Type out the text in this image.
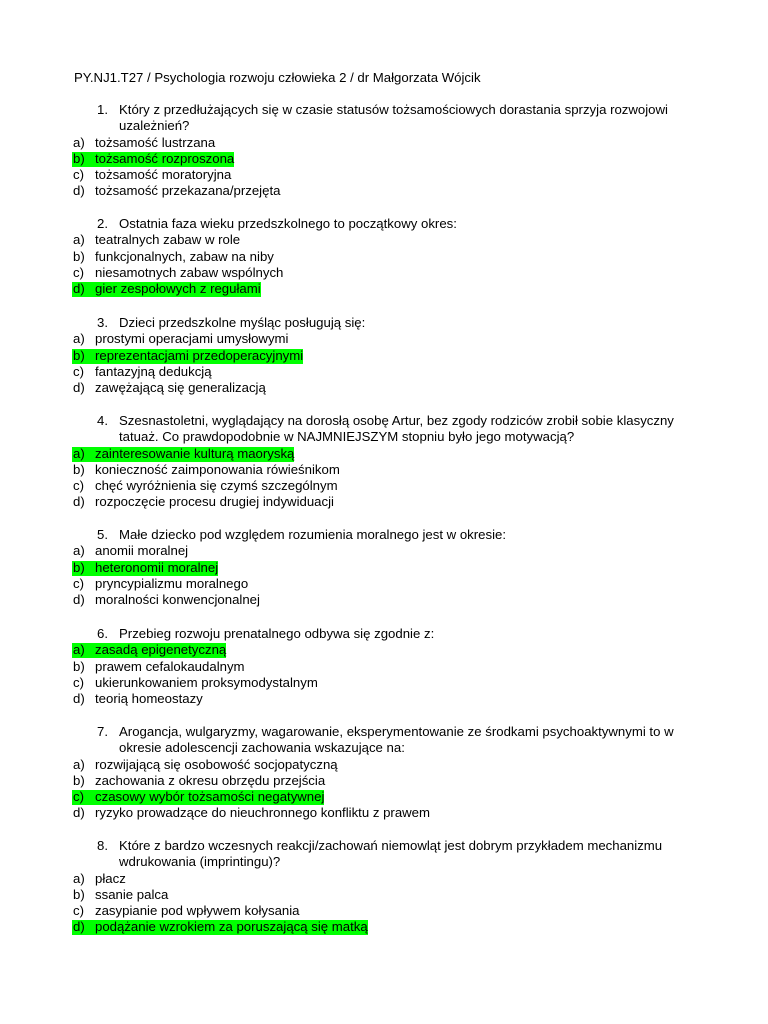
PY.NJ1.T27 / Psychologia rozwoju człowieka 2 / dr Małgorzata Wójcik
1. Który z przedłużających się w czasie statusów tożsamościowych dorastania sprzyja rozwojowi
uzależnień?
a) tożsamość lustrzana
b) tożsamość rozproszona
c) tożsamość moratoryjna
d) tożsamość przekazana/przejęta
2. Ostatnia faza wieku przedszkolnego to początkowy okres:
a) teatralnych zabaw w role
b) funkcjonalnych, zabaw na niby
c) niesamotnych zabaw wspólnych
d) gier zespołowych z regułami
3. Dzieci przedszkolne myśląc posługują się:
a) prostymi operacjami umysłowymi
b) reprezentacjami przedoperacyjnymi
c) fantazyjną dedukcją
d) zawężającą się generalizacją
4. Szesnastoletni, wyglądający na dorosłą osobę Artur, bez zgody rodziców zrobił sobie klasyczny
tatuaż. Co prawdopodobnie w NAJMNIEJSZYM stopniu było jego motywacją?
a) zainteresowanie kulturą maoryską
b) konieczność zaimponowania rówieśnikom
c) chęć wyróżnienia się czymś szczególnym
d) rozpoczęcie procesu drugiej indywiduacji
5. Małe dziecko pod względem rozumienia moralnego jest w okresie:
a) anomii moralnej
b) heteronomii moralnej
c) pryncypializmu moralnego
d) moralności konwencjonalnej
6. Przebieg rozwoju prenatalnego odbywa się zgodnie z:
a) zasadą epigenetyczną
b) prawem cefalokaudalnym
c) ukierunkowaniem proksymodystalnym
d) teorią homeostazy
7. Arogancja, wulgaryzmy, wagarowanie, eksperymentowanie ze środkami psychoaktywnymi to w
okresie adolescencji zachowania wskazujące na:
a) rozwijającą się osobowość socjopatyczną
b) zachowania z okresu obrzędu przejścia
c) czasowy wybór tożsamości negatywnej
d) ryzyko prowadzące do nieuchronnego konfliktu z prawem
8. Które z bardzo wczesnych reakcji/zachowań niemowląt jest dobrym przykładem mechanizmu
wdrukowania (imprintingu)?
a) płacz
b) ssanie palca
c) zasypianie pod wpływem kołysania
d) podążanie wzrokiem za poruszającą się matką
